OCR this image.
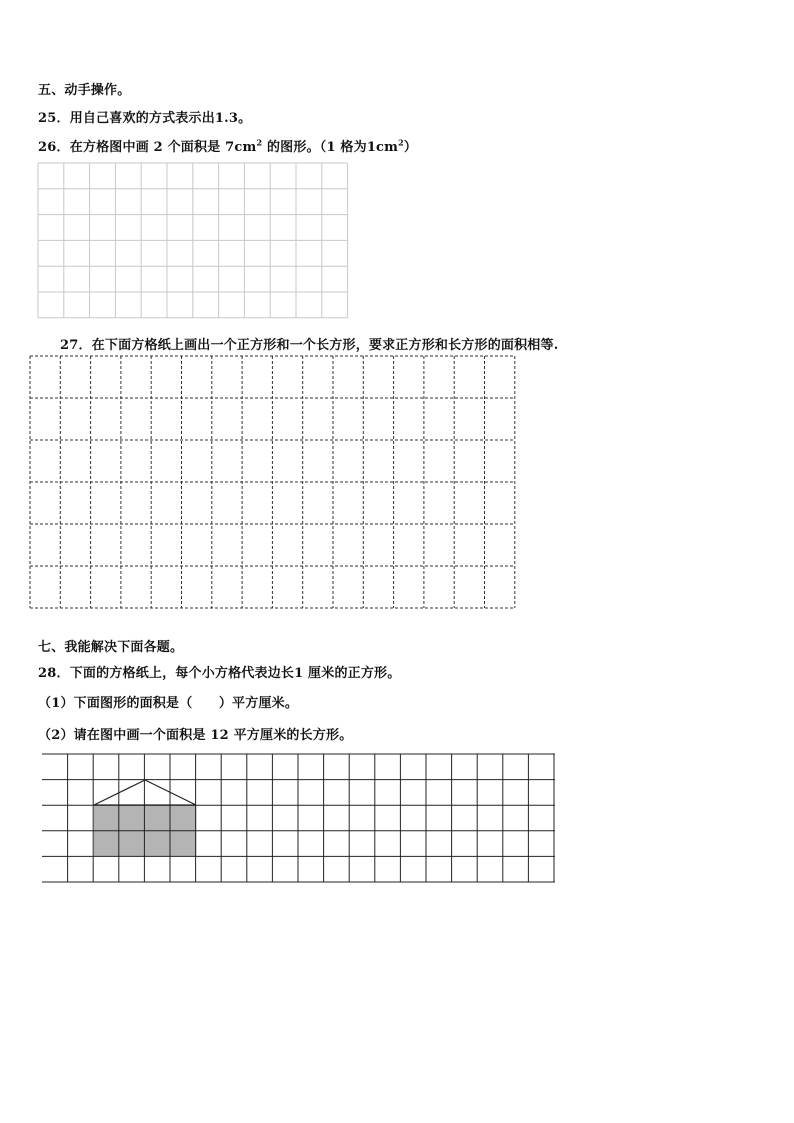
五、动手操作。
25．用自己喜欢的方式表示出1.3。
26．在方格图中画 2 个面积是 $7cm^2$ 的图形。（1 格为$1cm^2$）
27．在下面方格纸上画出一个正方形和一个长方形，要求正方形和长方形的面积相等.
七、我能解决下面各题。
28．下面的方格纸上，每个小方格代表边长1 厘米的正方形。
（1）下面图形的面积是（　　）平方厘米。
（2）请在图中画一个面积是 12 平方厘米的长方形。
